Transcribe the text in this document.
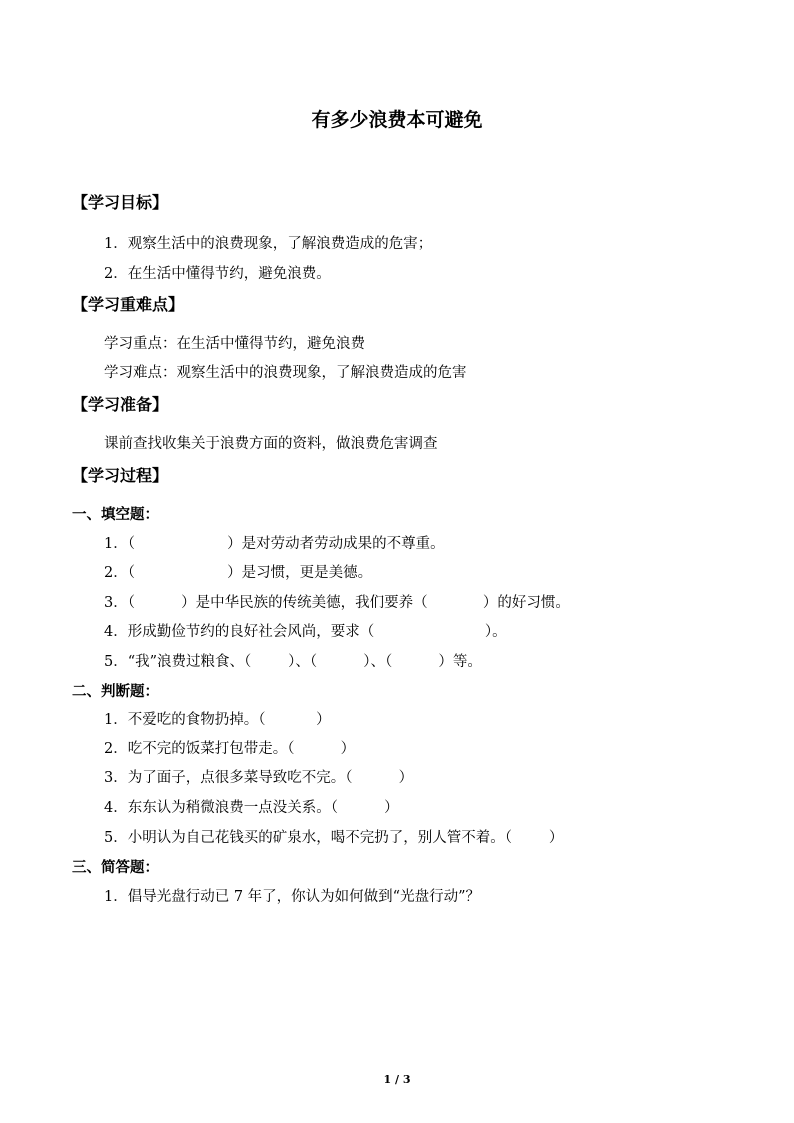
有多少浪费本可避免
【学习目标】
1．观察生活中的浪费现象，了解浪费造成的危害；
2．在生活中懂得节约，避免浪费。
【学习重难点】
学习重点：在生活中懂得节约，避免浪费
学习难点：观察生活中的浪费现象，了解浪费造成的危害
【学习准备】
课前查找收集关于浪费方面的资料，做浪费危害调查
【学习过程】
一、填空题：
1．（                    ）是对劳动者劳动成果的不尊重。
2．（                    ）是习惯，更是美德。
3．（          ）是中华民族的传统美德，我们要养（            ）的好习惯。
4．形成勤俭节约的良好社会风尚，要求（                        ）。
5．“我”浪费过粮食、（        ）、（          ）、（          ）等。
二、判断题：
1．不爱吃的食物扔掉。（           ）
2．吃不完的饭菜打包带走。（          ）
3．为了面子，点很多菜导致吃不完。（          ）
4．东东认为稍微浪费一点没关系。（          ）
5．小明认为自己花钱买的矿泉水，喝不完扔了，别人管不着。（        ）
三、简答题：
1．倡导光盘行动已 7 年了，你认为如何做到“光盘行动”？
1 / 3
